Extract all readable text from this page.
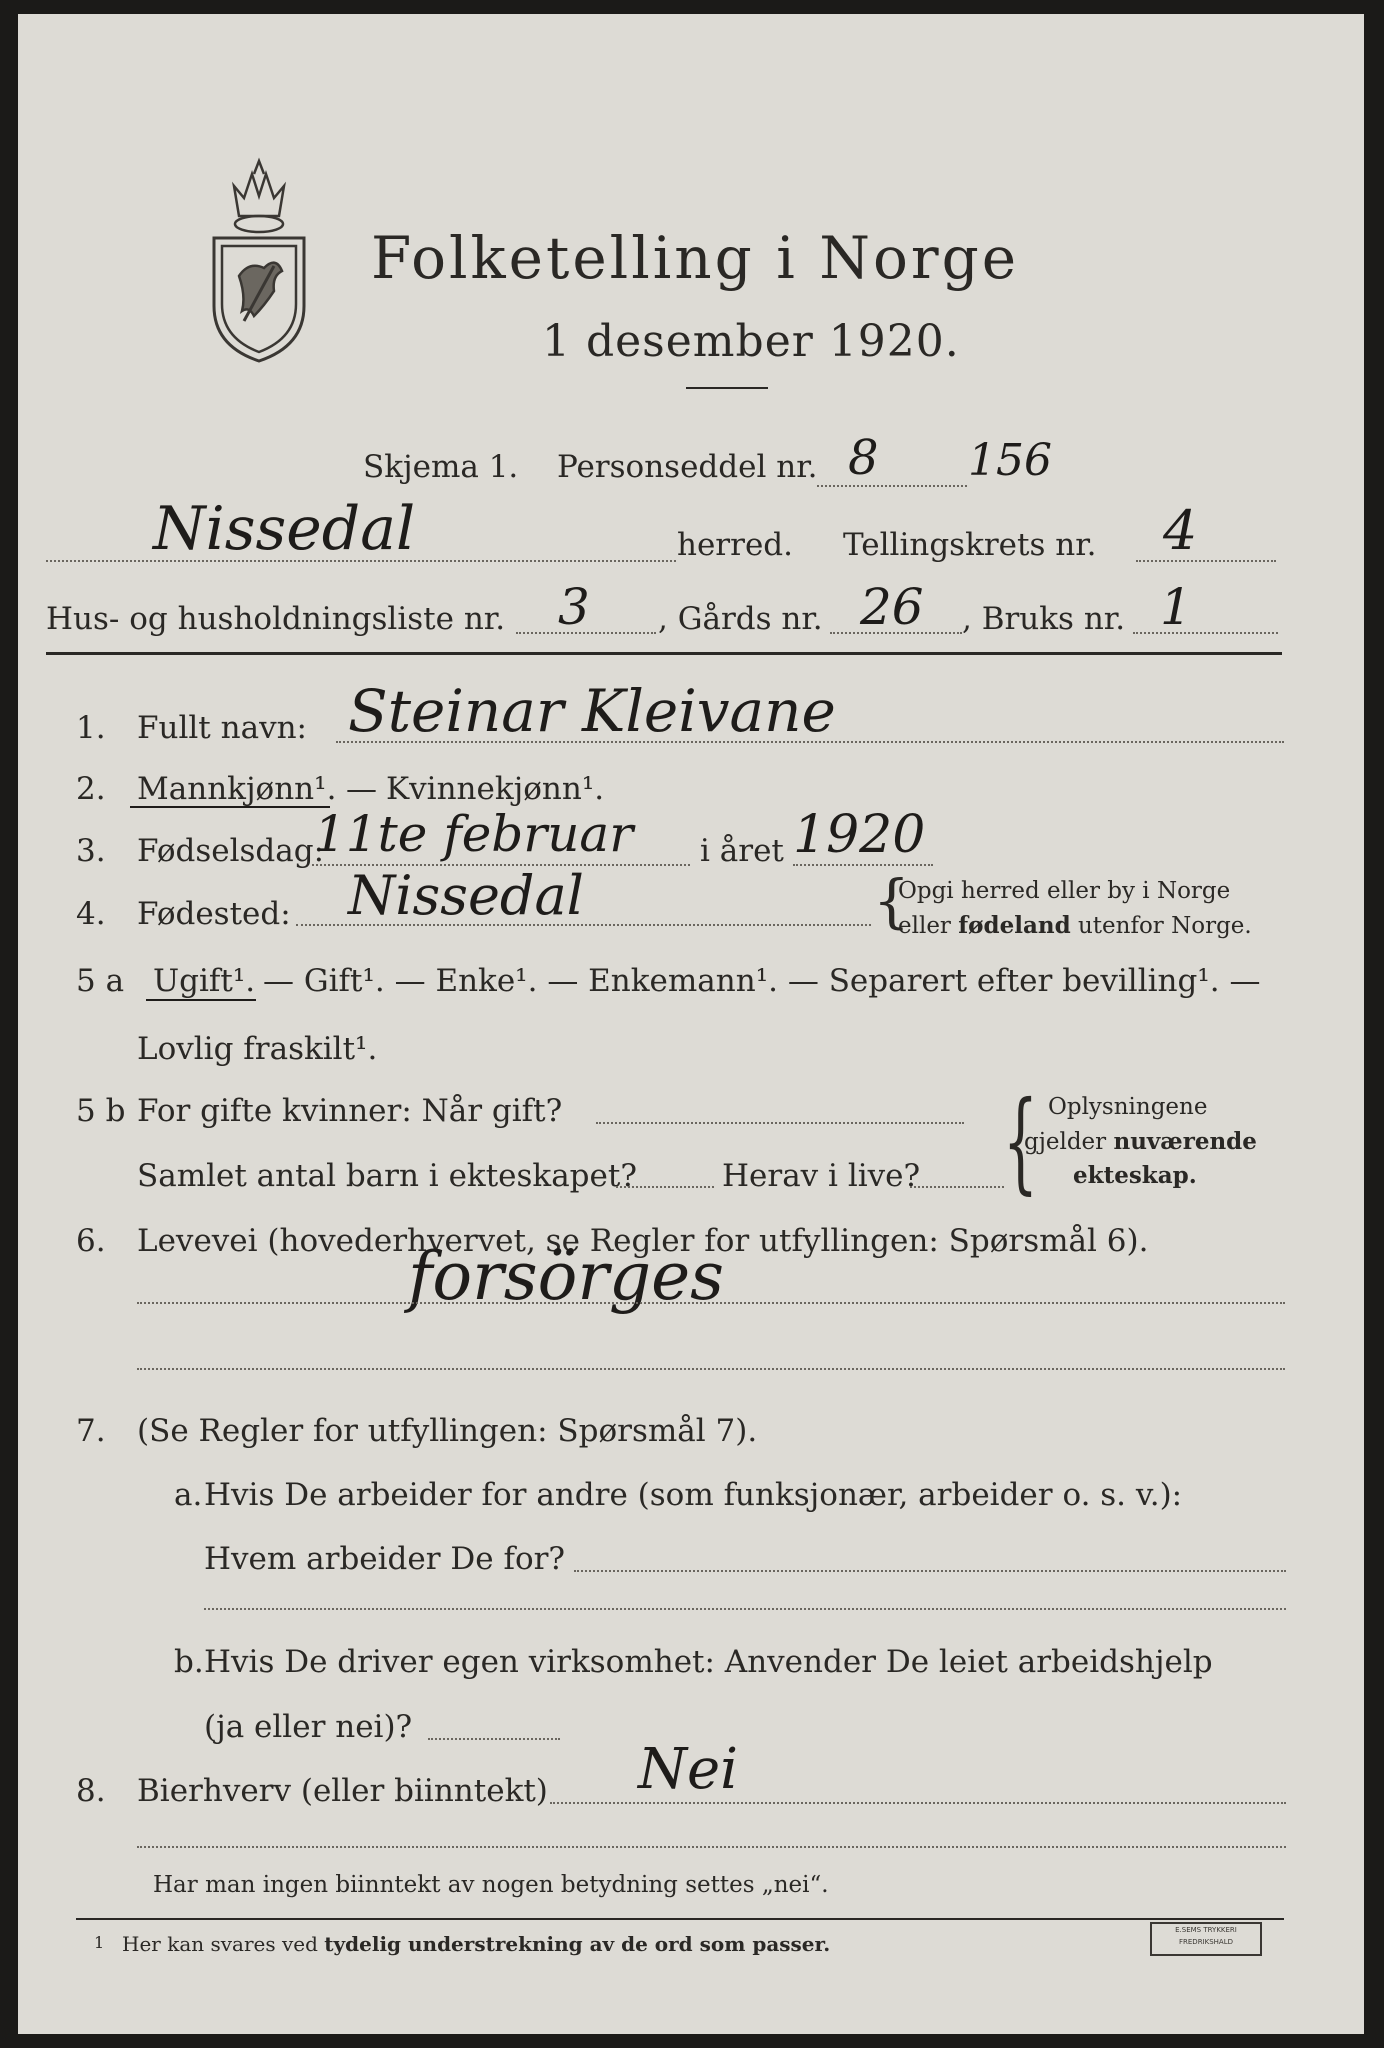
Folketelling i Norge
1 desember 1920.
Skjema 1. Personseddel nr. 8 156
Nissedal	herred. Tellingskrets nr. 4
Hus- og husholdningsliste nr. 3 , Gårds nr. 26 , Bruks nr. 1
1. Fullt navn: Steinar Kleivane
2. Mannkjønn¹. — Kvinnekjønn¹.
3. Fødselsdag:
11te februar i året 1920
4. Fødested: Nissedal	{
Opgi herred eller by i Norge
eller fødeland utenfor Norge.
5 a Ugift¹. — Gift¹. — Enke¹. — Enkemann¹. — Separert efter bevilling¹. —
Lovlig fraskilt¹.
5 b For gifte kvinner: Når gift?
Samlet antal barn i ekteskapet?	Herav i live? { Oplysningene
gjelder nuværende
ekteskap.
6. Levevei (hovederhvervet, se Regler for utfyllingen: Spørsmål 6).
forsörges
7. (Se Regler for utfyllingen: Spørsmål 7).
a. Hvis De arbeider for andre (som funksjonær, arbeider o. s. v.):
Hvem arbeider De for?
b. Hvis De driver egen virksomhet: Anvender De leiet arbeidshjelp
(ja eller nei)?
8. Bierhverv (eller biinntekt) Nei
Har man ingen biinntekt av nogen betydning settes „nei“.
1 Her kan svares ved tydelig understrekning av de ord som passer.
E.SEMS TRYKKERI
FREDRIKSHALD
